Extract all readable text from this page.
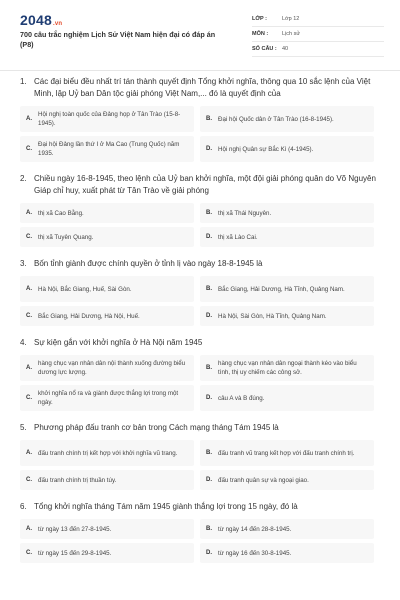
2048.vn
700 câu trắc nghiệm Lịch Sử Việt Nam hiện đại có đáp án (P8)
LỚP :	Lớp 12
MÔN :	Lịch sử
SỐ CÂU : 40
1. Các đại biểu đều nhất trí tán thành quyết định Tổng khởi nghĩa, thông qua 10 sắc lệnh của Việt Minh, lập Uỷ ban Dân tộc giải phóng Việt Nam,... đó là quyết định của
A.
Hội nghị toàn quốc của Đảng họp ở Tân Trào (15-8-1945).
B. Đại hội Quốc dân ở Tân Trào (16-8-1945).
C.
Đại hội Đảng lần thứ I ở Ma Cao (Trung Quốc) năm 1935.
D. Hội nghị Quân sự Bắc Kì (4-1945).
2. Chiều ngày 16-8-1945, theo lệnh của Uỷ ban khởi nghĩa, một đội giải phóng quân do Võ Nguyên Giáp chỉ huy, xuất phát từ Tân Trào về giải phóng
A. thị xã Cao Bằng.	B. thị xã Thái Nguyên.
C. thị xã Tuyên Quang.	D. thị xã Lào Cai.
3. Bốn tỉnh giành được chính quyền ở tỉnh lị vào ngày 18-8-1945 là
A. Hà Nội, Bắc Giang, Huế, Sài Gòn.	B. Bắc Giang, Hải Dương, Hà Tĩnh, Quảng Nam.
C. Bắc Giang, Hải Dương, Hà Nội, Huế.	D. Hà Nội, Sài Gòn, Hà Tĩnh, Quảng Nam.
4. Sự kiện gắn với khởi nghĩa ở Hà Nội năm 1945
A.
hàng chục vạn nhân dân nội thành xuống đường biểu dương lực lượng.
B.
hàng chục vạn nhân dân ngoại thành kéo vào biểu tình, thị uy chiếm các công sở.
C.
khởi nghĩa nổ ra và giành được thắng lợi trong một ngày.
D. câu A và B đúng.
5. Phương pháp đấu tranh cơ bản trong Cách mạng tháng Tám 1945 là
A. đấu tranh chính trị kết hợp với khởi nghĩa vũ trang.	B. đấu tranh vũ trang kết hợp với đấu tranh chính trị.
C. đấu tranh chính trị thuần túy.	D. đấu tranh quân sự và ngoại giao.
6. Tổng khởi nghĩa tháng Tám năm 1945 giành thắng lợi trong 15 ngày, đó là
A. từ ngày 13 đến 27-8-1945.	B. từ ngày 14 đến 28-8-1945.
C. từ ngày 15 đến 29-8-1945.	D. từ ngày 16 đến 30-8-1945.
